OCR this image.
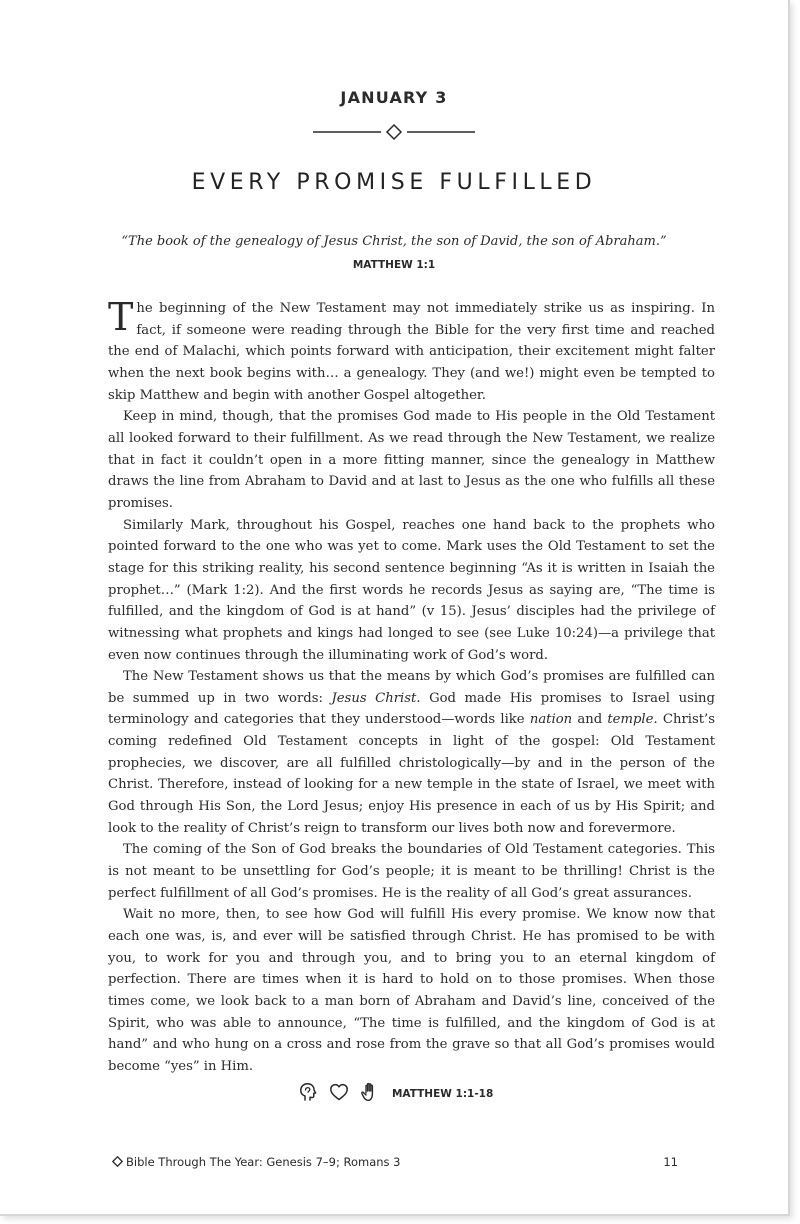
JANUARY 3
EVERY PROMISE FULFILLED
“The book of the genealogy of Jesus Christ, the son of David, the son of Abraham.”
MATTHEW 1:1

The beginning of the New Testament may not immediately strike us as inspiring. In fact, if someone were reading through the Bible for the very first time and reached the end of Malachi, which points forward with anticipation, their excitement might falter when the next book begins with… a genealogy. They (and we!) might even be tempted to skip Matthew and begin with another Gospel altogether.

Keep in mind, though, that the promises God made to His people in the Old Testament all looked forward to their fulfillment. As we read through the New Testament, we realize that in fact it couldn’t open in a more fitting manner, since the genealogy in Matthew draws the line from Abraham to David and at last to Jesus as the one who fulfills all these promises.

Similarly Mark, throughout his Gospel, reaches one hand back to the prophets who pointed forward to the one who was yet to come. Mark uses the Old Testament to set the stage for this striking reality, his second sentence beginning “As it is written in Isaiah the prophet…” (Mark 1:2). And the first words he records Jesus as saying are, “The time is fulfilled, and the kingdom of God is at hand” (v 15). Jesus’ disciples had the privilege of witnessing what prophets and kings had longed to see (see Luke 10:24)—a privilege that even now continues through the illuminating work of God’s word.

The New Testament shows us that the means by which God’s promises are fulfilled can be summed up in two words: Jesus Christ. God made His promises to Israel using terminology and categories that they understood—words like nation and temple. Christ’s coming redefined Old Testament concepts in light of the gospel: Old Testament prophecies, we discover, are all fulfilled christologically—by and in the person of the Christ. Therefore, instead of looking for a new temple in the state of Israel, we meet with God through His Son, the Lord Jesus; enjoy His presence in each of us by His Spirit; and look to the reality of Christ’s reign to transform our lives both now and forevermore.

The coming of the Son of God breaks the boundaries of Old Testament categories. This is not meant to be unsettling for God’s people; it is meant to be thrilling! Christ is the perfect fulfillment of all God’s promises. He is the reality of all God’s great assurances.

Wait no more, then, to see how God will fulfill His every promise. We know now that each one was, is, and ever will be satisfied through Christ. He has promised to be with you, to work for you and through you, and to bring you to an eternal kingdom of perfection. There are times when it is hard to hold on to those promises. When those times come, we look back to a man born of Abraham and David’s line, conceived of the Spirit, who was able to announce, “The time is fulfilled, and the kingdom of God is at hand” and who hung on a cross and rose from the grave so that all God’s promises would become “yes” in Him.

MATTHEW 1:1-18
Bible Through The Year: Genesis 7–9; Romans 3	11
